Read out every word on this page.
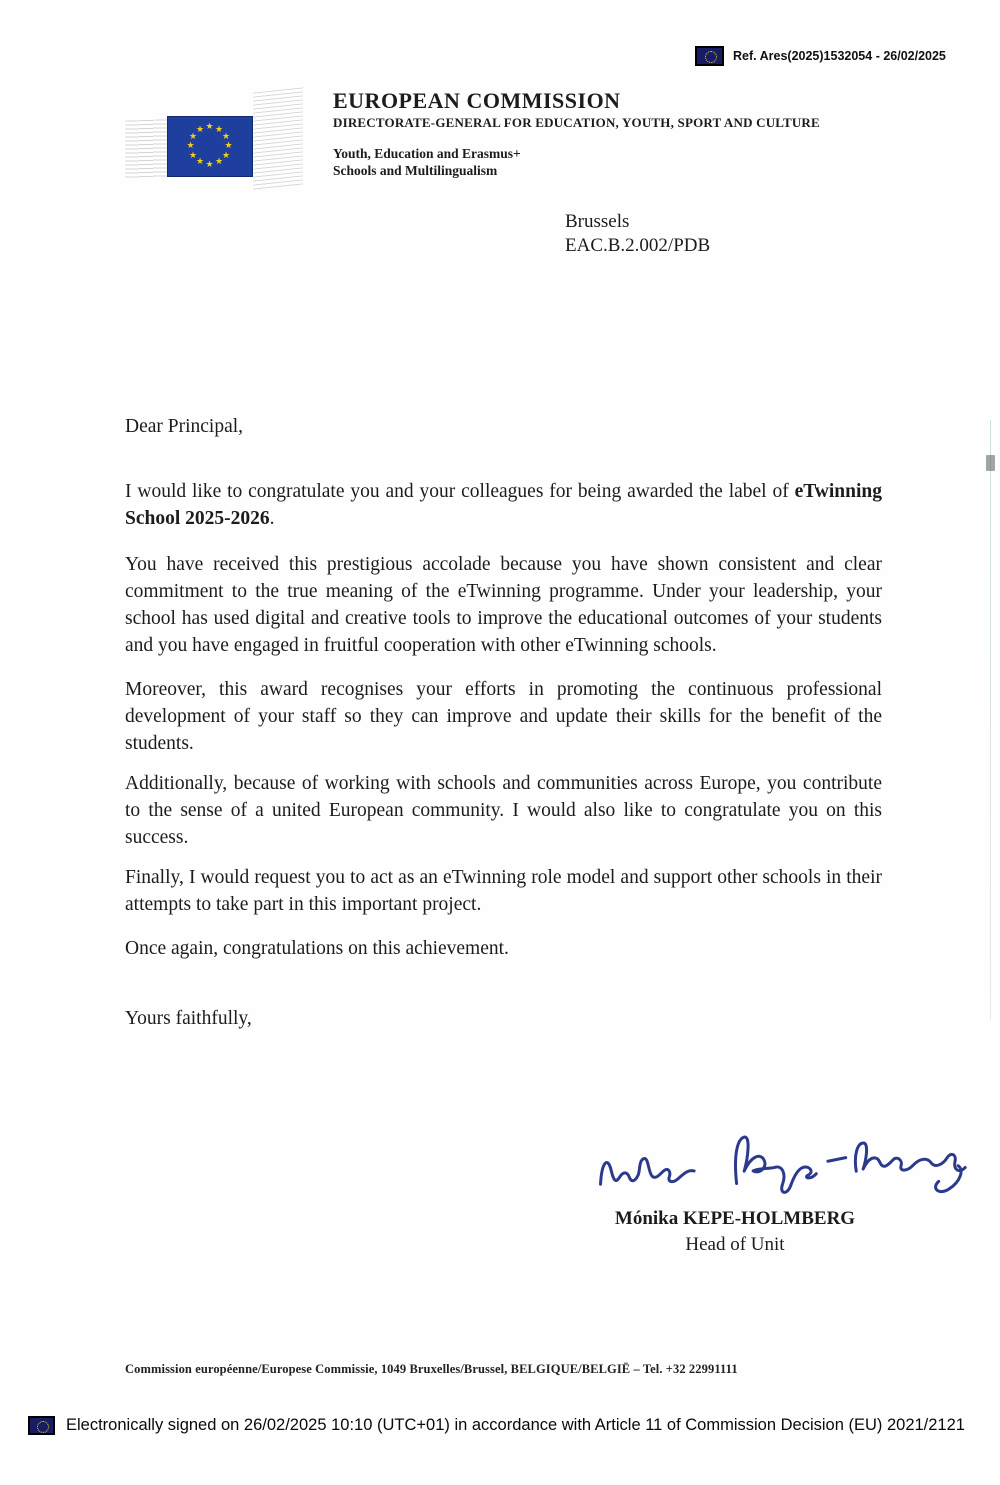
Ref. Ares(2025)1532054 - 26/02/2025
★ ★
★
★
★
★
★
★
★
★
★
★
EUROPEAN COMMISSION
DIRECTORATE-GENERAL FOR EDUCATION, YOUTH, SPORT AND CULTURE
Youth, Education and Erasmus+
Schools and Multilingualism
Brussels
EAC.B.2.002/PDB
Dear Principal,
I would like to congratulate you and your colleagues for being awarded the label of eTwinning School 2025-2026.
You have received this prestigious accolade because you have shown consistent and clear commitment to the true meaning of the eTwinning programme. Under your leadership, your school has used digital and creative tools to improve the educational outcomes of your students and you have engaged in fruitful cooperation with other eTwinning schools.
Moreover, this award recognises your efforts in promoting the continuous professional development of your staff so they can improve and update their skills for the benefit of the students.
Additionally, because of working with schools and communities across Europe, you contribute to the sense of a united European community. I would also like to congratulate you on this success.
Finally, I would request you to act as an eTwinning role model and support other schools in their attempts to take part in this important project.
Once again, congratulations on this achievement.
Yours faithfully,
Mónika KEPE-HOLMBERG
Head of Unit
Commission européenne/Europese Commissie, 1049 Bruxelles/Brussel, BELGIQUE/BELGIË – Tel. +32 22991111
Electronically signed on 26/02/2025 10:10 (UTC+01) in accordance with Article 11 of Commission Decision (EU) 2021/2121
